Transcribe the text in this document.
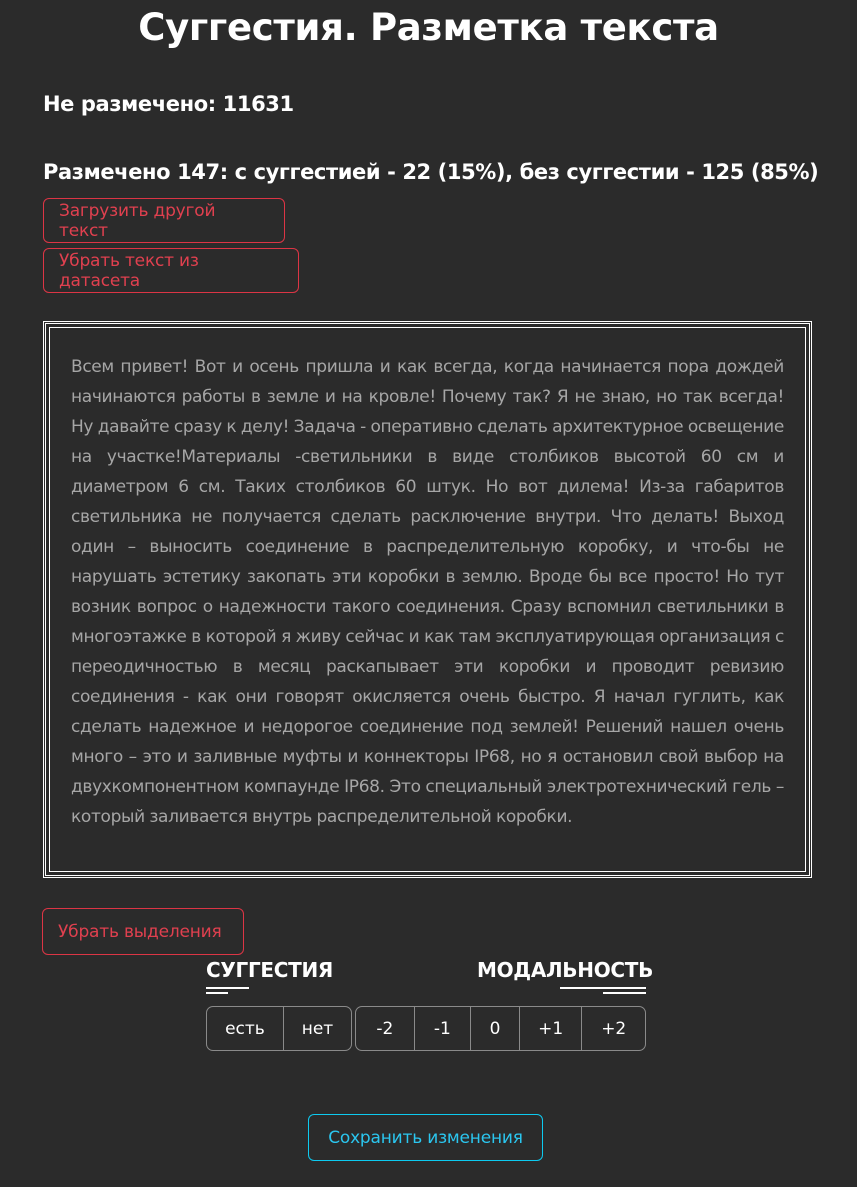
Суггестия. Разметка текста
Не размечено: 11631
Размечено 147: с суггестией - 22 (15%), без суггестии - 125 (85%)
Загрузить другой текст
Убрать текст из датасета
Всем привет! Вот и осень пришла и как всегда, когда начинается пора дождей начинаются работы в земле и на кровле! Почему так? Я не знаю, но так всегда! Ну давайте сразу к делу! Задача - оперативно сделать архитектурное освещение на участке!Материалы -светильники в виде столбиков высотой 60 см и диаметром 6 см. Таких столбиков 60 штук. Но вот дилема! Из-за габаритов светильника не получается сделать расключение внутри. Что делать! Выход один – выносить соединение в распределительную коробку, и что-бы не нарушать эстетику закопать эти коробки в землю. Вроде бы все просто! Но тут возник вопрос о надежности такого соединения. Сразу вспомнил светильники в многоэтажке в которой я живу сейчас и как там эксплуатирующая организация с переодичностью в месяц раскапывает эти коробки и проводит ревизию соединения - как они говорят окисляется очень быстро. Я начал гуглить, как сделать надежное и недорогое соединение под землей! Решений нашел очень много – это и заливные муфты и коннекторы IP68, но я остановил свой выбор на двухкомпонентном компаунде IP68. Это специальный электротехнический гель – который заливается внутрь распределительной коробки.
Убрать выделения
СУГГЕСТИЯ	МОДАЛЬНОСТЬ
есть	нет	-2	-1	0	+1	+2
Сохранить изменения
